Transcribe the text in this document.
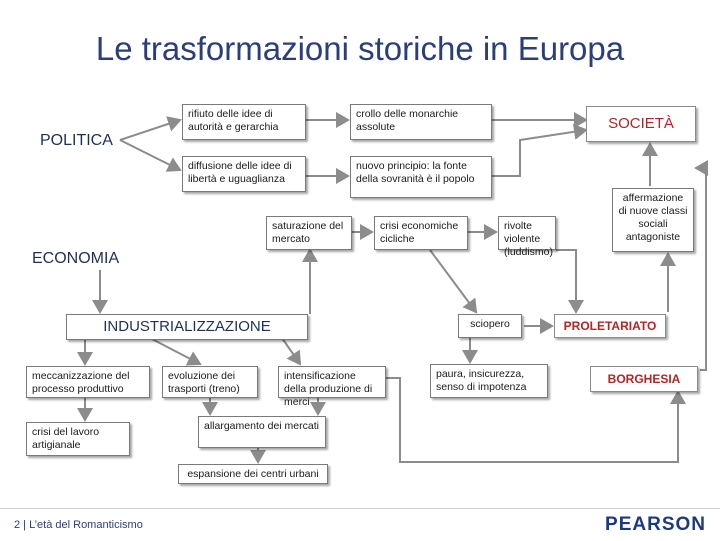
Le trasformazioni storiche in Europa
POLITICA
ECONOMIA
SOCIETÀ
rifiuto delle idee di autorità e gerarchia
crollo delle monarchie assolute
diffusione delle idee di libertà e uguaglianza
nuovo principio: la fonte della sovranità è il popolo
saturazione del mercato
crisi economiche cicliche
rivolte violente (luddismo)
affermazione di nuove classi sociali antagoniste
sciopero	PROLETARIATO
INDUSTRIALIZZAZIONE
meccanizzazione del processo produttivo
evoluzione dei trasporti (treno)
intensificazione della produzione di merci
paura, insicurezza, senso di impotenza
BORGHESIA
crisi del lavoro artigianale
allargamento dei mercati
espansione dei centri urbani
2 | L’età del Romanticismo	PEARSON
